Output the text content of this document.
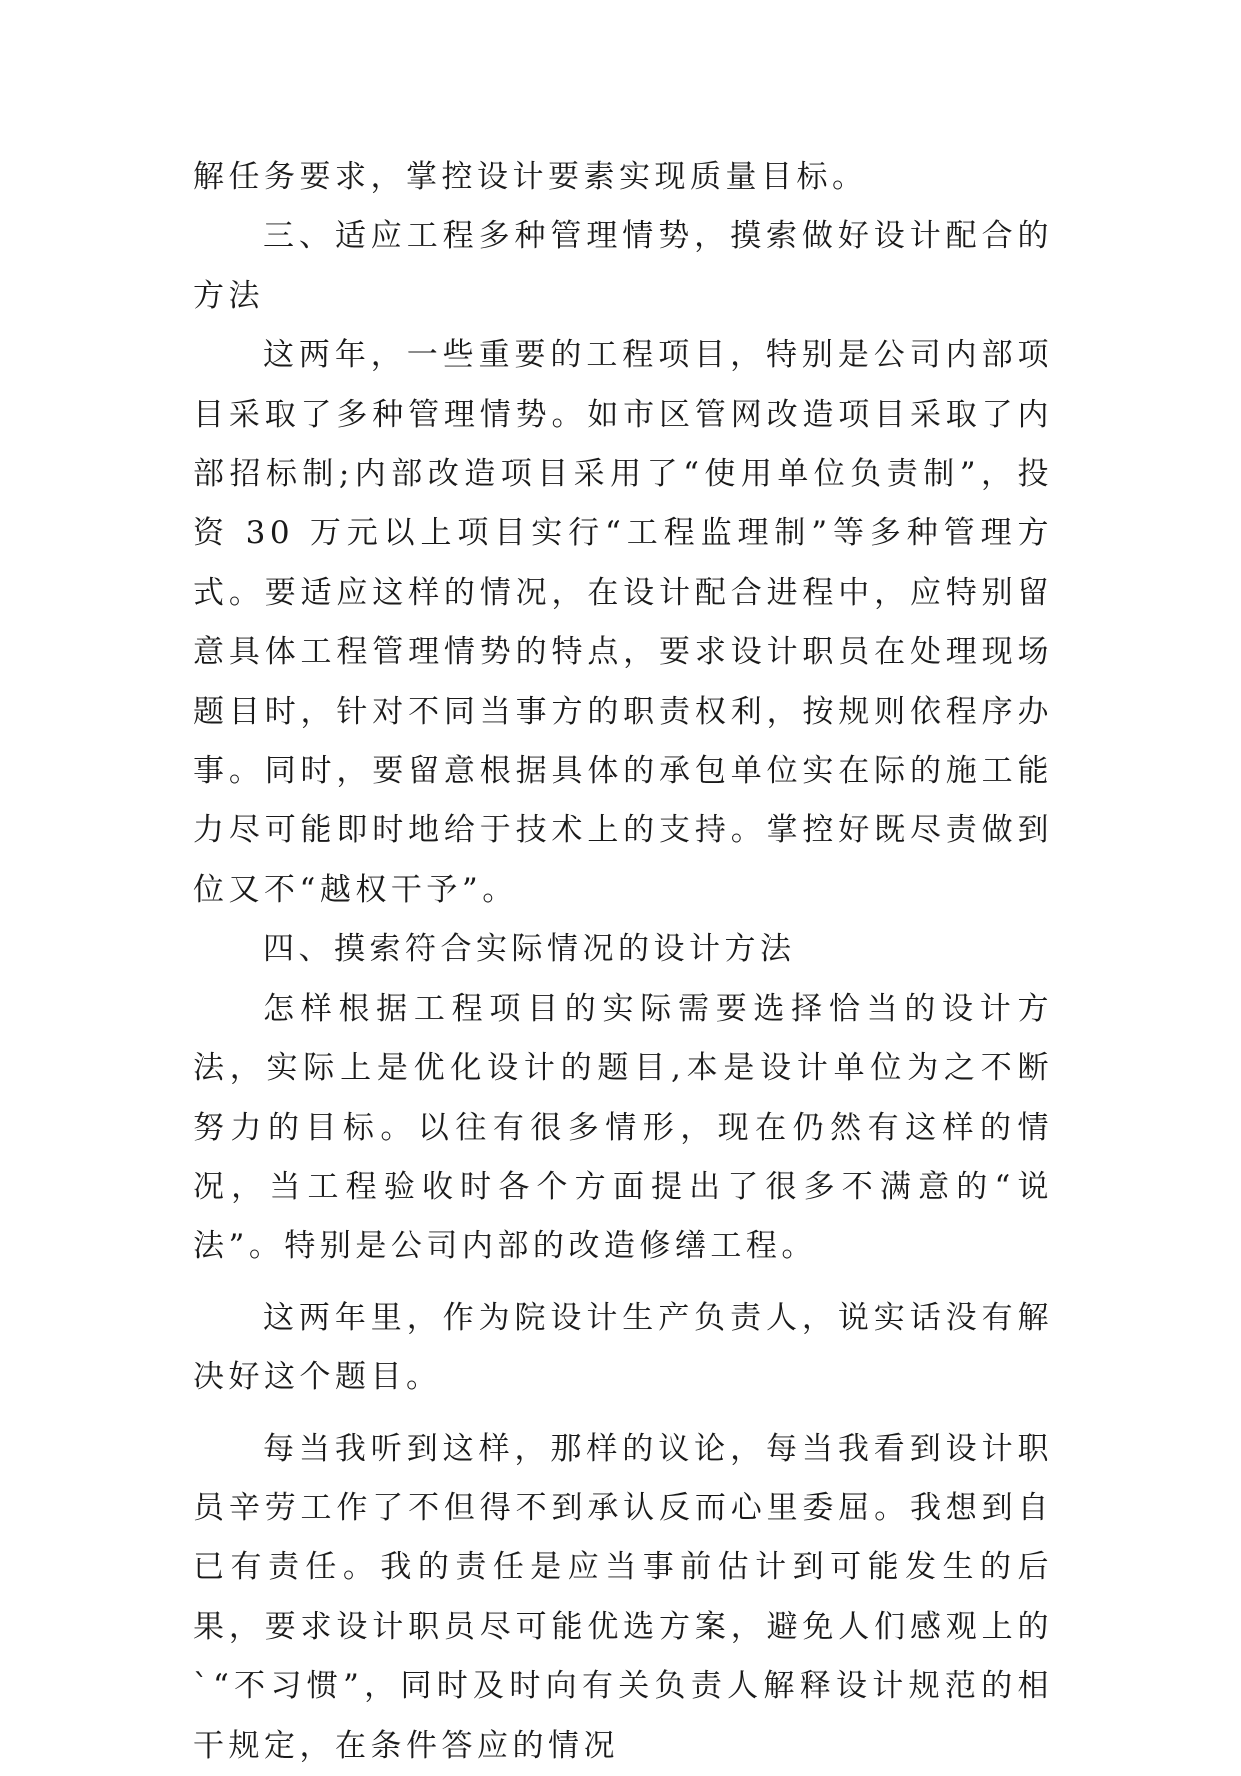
解任务要求，掌控设计要素实现质量目标。

三、适应工程多种管理情势，摸索做好设计配合的方法

这两年，一些重要的工程项目，特别是公司内部项目采取了多种管理情势。如市区管网改造项目采取了内部招标制;内部改造项目采用了“使用单位负责制”，投资 30 万元以上项目实行“工程监理制”等多种管理方式。要适应这样的情况，在设计配合进程中，应特别留意具体工程管理情势的特点，要求设计职员在处理现场题目时，针对不同当事方的职责权利，按规则依程序办事。同时，要留意根据具体的承包单位实在际的施工能力尽可能即时地给于技术上的支持。掌控好既尽责做到位又不“越权干予”。

四、摸索符合实际情况的设计方法

怎样根据工程项目的实际需要选择恰当的设计方法，实际上是优化设计的题目,本是设计单位为之不断努力的目标。以往有很多情形，现在仍然有这样的情况，当工程验收时各个方面提出了很多不满意的“说法”。特别是公司内部的改造修缮工程。

这两年里，作为院设计生产负责人，说实话没有解决好这个题目。

每当我听到这样，那样的议论，每当我看到设计职员辛劳工作了不但得不到承认反而心里委屈。我想到自已有责任。我的责任是应当事前估计到可能发生的后果，要求设计职员尽可能优选方案，避免人们感观上的`“不习惯”，同时及时向有关负责人解释设计规范的相干规定，在条件答应的情况
